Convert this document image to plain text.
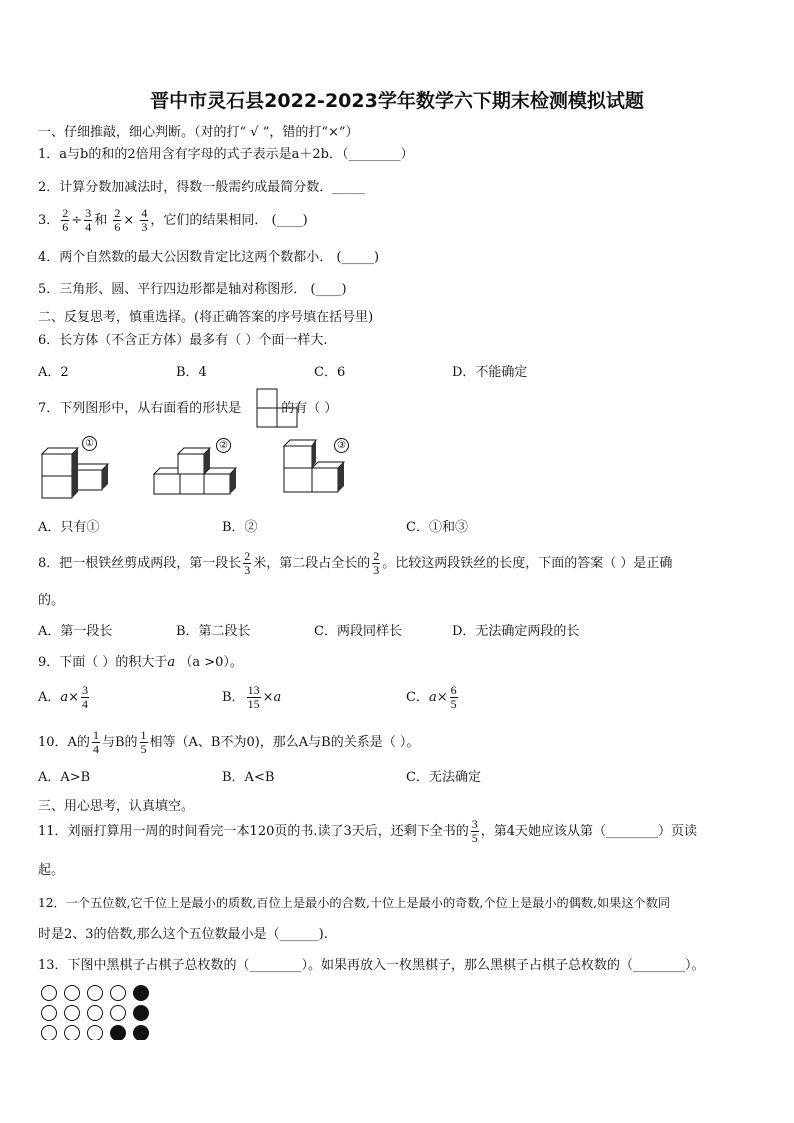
晋中市灵石县2022-2023学年数学六下期末检测模拟试题
一、仔细推敲，细心判断。（对的打“ √ ”，错的打“×”）
1．a与b的和的2倍用含有字母的式子表示是a＋2b．（________）
2．计算分数加减法时，得数一般需约成最简分数．_____
3． $\frac{2}{6} \div \frac{3}{4}$ 和 $\frac{2}{6} \times \frac{4}{3}$ ，它们的结果相同． (____)
4．两个自然数的最大公因数肯定比这两个数都小． (_____)
5．三角形、圆、平行四边形都是轴对称图形． (____)
二、反复思考，慎重选择。(将正确答案的序号填在括号里)
6．长方体（不含正方体）最多有（ ）个面一样大.
A．2	B．4	C．6	D．不能确定
7．下列图形中，从右面看的形状是	的有（ ）
①	②	③
A．只有①	B．②	C．①和③
8．把一根铁丝剪成两段，第一段长 $\frac{2}{3}$ 米，第二段占全长的 $\frac{2}{3}$ 。比较这两段铁丝的长度，下面的答案（ ）是正确
的。
A．第一段长	B．第二段长	C．两段同样长	D．无法确定两段的长
9．下面（ ）的积大于a （a >0）。
A．$a\times \frac{3}{4}$	B． $\frac{13}{15} \times a$	C．$a\times \frac{6}{5}$
10．A的 $\frac{1}{4}$ 与B的 $\frac{1}{5}$ 相等（A、B不为0)，那么A与B的关系是（ ）。
A．A>B	B．A<B	C．无法确定
三、用心思考，认真填空。
11．刘丽打算用一周的时间看完一本120页的书.读了3天后，还剩下全书的 $\frac{3}{5}$ ，第4天她应该从第（________）页读
起。
12．一个五位数,它千位上是最小的质数,百位上是最小的合数,十位上是最小的奇数,个位上是最小的偶数,如果这个数同
时是2、3的倍数,那么这个五位数最小是（______).
13．下图中黑棋子占棋子总枚数的（________）。如果再放入一枚黑棋子，那么黑棋子占棋子总枚数的（________）。
